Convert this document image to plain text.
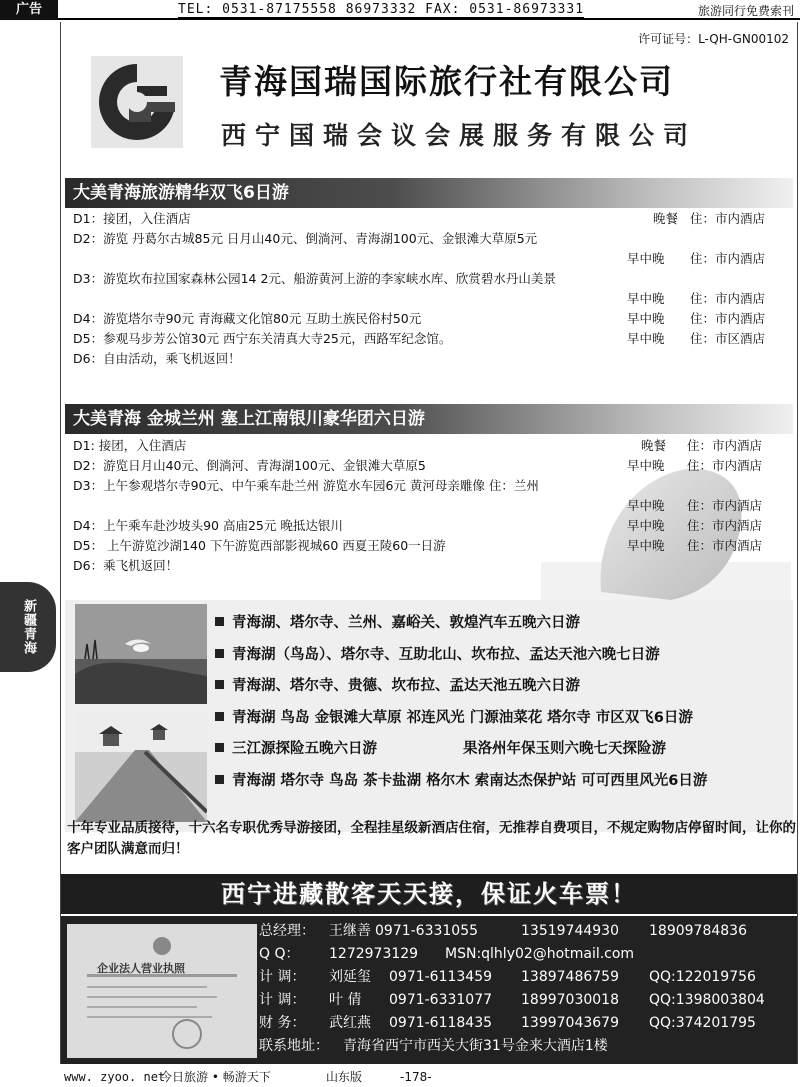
广告	TEL: 0531-87175558 86973332 FAX: 0531-86973331	旅游同行免费索刊
新疆青海
许可证号：L-QH-GN00102
青海国瑞国际旅行社有限公司
西宁国瑞会议会展服务有限公司
大美青海旅游精华双飞6日游
D1：接团，入住酒店	晚餐 住：市内酒店
D2：游览 丹葛尔古城85元 日月山40元、倒淌河、青海湖100元、金银滩大草原5元
早中晚 住：市内酒店
D3：游览坎布拉国家森林公园14 2元、船游黄河上游的李家峡水库、欣赏碧水丹山美景
早中晚 住：市内酒店
D4：游览塔尔寺90元 青海藏文化馆80元 互助土族民俗村50元	早中晚 住：市内酒店
D5：参观马步芳公馆30元 西宁东关清真大寺25元，西路军纪念馆。	早中晚 住：市区酒店
D6：自由活动，乘飞机返回！
大美青海 金城兰州 塞上江南银川豪华团六日游
D1: 接团，入住酒店	晚餐 住：市内酒店
D2：游览日月山40元、倒淌河、青海湖100元、金银滩大草原5	早中晚 住：市内酒店
D3：上午参观塔尔寺90元、中午乘车赴兰州 游览水车园6元 黄河母亲雕像 住：兰州
早中晚 住：市内酒店
D4：上午乘车赴沙坡头90 高庙25元 晚抵达银川	早中晚 住：市内酒店
D5： 上午游览沙湖140 下午游览西部影视城60 西夏王陵60一日游	早中晚 住：市内酒店
D6：乘飞机返回！
青海湖、塔尔寺、兰州、嘉峪关、敦煌汽车五晚六日游
青海湖（鸟岛）、塔尔寺、互助北山、坎布拉、孟达天池六晚七日游
青海湖、塔尔寺、贵德、坎布拉、孟达天池五晚六日游
青海湖 鸟岛 金银滩大草原 祁连风光 门源油菜花 塔尔寺 市区双飞6日游
三江源探险五晚六日游	果洛州年保玉则六晚七天探险游
青海湖 塔尔寺 鸟岛 茶卡盐湖 格尔木 索南达杰保护站 可可西里风光6日游
十年专业品质接待，十六名专职优秀导游接团，全程挂星级新酒店住宿，无推荐自费项目，不规定购物店停留时间，让你的客户团队满意而归！
西宁进藏散客天天接，保证火车票！
企业法人营业执照
总经理： 王继善 0971-6331055	13519744930 18909784836
Q Q： 1272973129 MSN:qlhly02@hotmail.com
计 调： 刘延玺 0971-6113459 13897486759 QQ:122019756
计 调： 叶 倩 0971-6331077 18997030018 QQ:1398003804
财 务： 武红燕 0971-6118435 13997043679 QQ:374201795
联系地址： 青海省西宁市西关大街31号金来大酒店1楼
www. zyoo. net
今日旅游 • 畅游天下	山东版	-178-
